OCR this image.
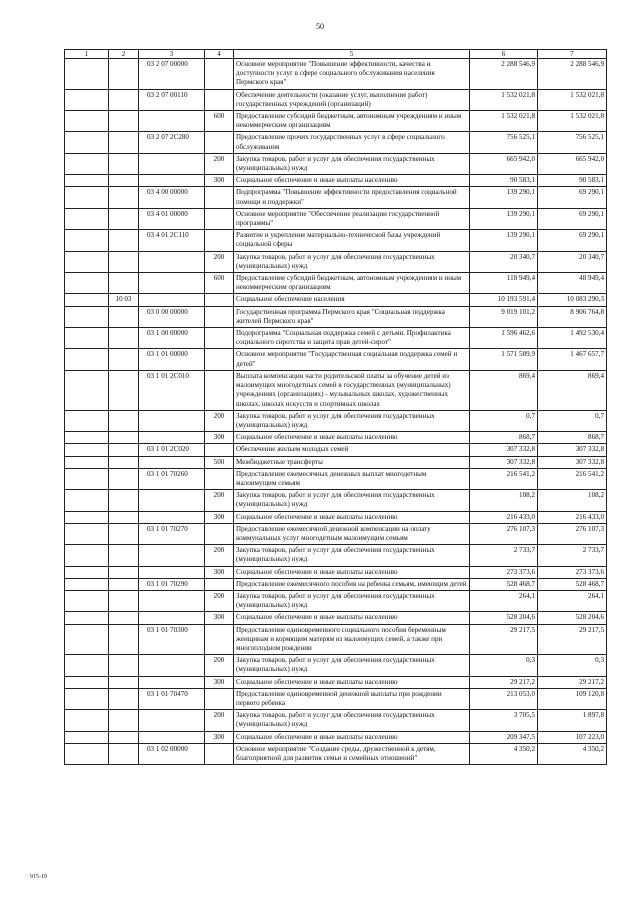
50
1	2	3	4	5	6	7
		03 2 07 00000		Основное мероприятие "Повышение эффективности, качества и доступности услуг в сфере социального обслуживания населения Пермского края"	2 288 546,9	2 288 546,9
		03 2 07 00110		Обеспечение деятельности (оказание услуг, выполнение работ) государственных учреждений (организаций)	1 532 021,8	1 532 021,8
			600	Предоставление субсидий бюджетным, автономным учреждениям и иным некоммерческим организациям	1 532 021,8	1 532 021,8
		03 2 07 2С280		Предоставление прочих государственных услуг в сфере социального обслуживания	756 525,1	756 525,1
			200	Закупка товаров, работ и услуг для обеспечения государственных (муниципальных) нужд	665 942,0	665 942,0
			300	Социальное обеспечение и иные выплаты населению	90 583,1	90 583,1
		03 4 00 00000		Подпрограмма "Повышение эффективности предоставления социальной помощи и поддержки"	139 290,1	69 290,1
		03 4 01 00000		Основное мероприятие "Обеспечение реализации государственной программы"	139 290,1	69 290,1
		03 4 01 2С110		Развитие и укрепление материально-технической базы учреждений социальной сферы	139 290,1	69 290,1
			200	Закупка товаров, работ и услуг для обеспечения государственных (муниципальных) нужд	20 340,7	20 340,7
			600	Предоставление субсидий бюджетным, автономным учреждениям и иным некоммерческим организациям	118 949,4	48 949,4
	10 03			Социальное обеспечение населения	10 193 591,4	10 083 290,3
		03 0 00 00000		Государственная программа Пермского края "Социальная поддержка жителей Пермского края"	9 019 101,2	8 906 764,8
		03 1 00 00000		Подпрограмма "Социальная поддержка семей с детьми. Профилактика социального сиротства и защита прав детей-сирот"	1 596 462,6	1 492 530,4
		03 1 01 00000		Основное мероприятие "Государственная социальная поддержка семей и детей"	1 571 589,9	1 467 657,7
		03 1 01 2С010		Выплата компенсации части родительской платы за обучение детей из малоимущих многодетных семей в государственных (муниципальных) учреждениях (организациях) - музыкальных школах, художественных школах, школах искусств и спортивных школах	869,4	869,4
			200	Закупка товаров, работ и услуг для обеспечения государственных (муниципальных) нужд	0,7	0,7
			300	Социальное обеспечение и иные выплаты населению	868,7	868,7
		03 1 01 2С020		Обеспечение жильем молодых семей	307 332,8	307 332,8
			500	Межбюджетные трансферты	307 332,8	307 332,8
		03 1 01 70260		Предоставление ежемесячных денежных выплат многодетным малоимущим семьям	216 541,2	216 541,2
			200	Закупка товаров, работ и услуг для обеспечения государственных (муниципальных) нужд	108,2	108,2
			300	Социальное обеспечение и иные выплаты населению	216 433,0	216 433,0
		03 1 01 70270		Предоставление ежемесячной денежной компенсации на оплату коммунальных услуг многодетным малоимущим семьям	276 107,3	276 107,3
			200	Закупка товаров, работ и услуг для обеспечения государственных (муниципальных) нужд	2 733,7	2 733,7
			300	Социальное обеспечение и иные выплаты населению	273 373,6	273 373,6
		03 1 01 70290		Предоставление ежемесячного пособия на ребенка семьям, имеющим детей	528 468,7	528 468,7
			200	Закупка товаров, работ и услуг для обеспечения государственных (муниципальных) нужд	264,1	264,1
			300	Социальное обеспечение и иные выплаты населению	528 204,6	528 204,6
		03 1 01 70300		Предоставление единовременного социального пособия беременным женщинам и кормящим матерям из малоимущих семей, а также при многоплодном рождении	29 217,5	29 217,5
			200	Закупка товаров, работ и услуг для обеспечения государственных (муниципальных) нужд	0,3	0,3
			300	Социальное обеспечение и иные выплаты населению	29 217,2	29 217,2
		03 1 01 70470		Предоставление единовременной денежной выплаты при рождении первого ребенка	213 053,0	109 120,8
			200	Закупка товаров, работ и услуг для обеспечения государственных (муниципальных) нужд	3 705,5	1 897,8
			300	Социальное обеспечение и иные выплаты населению	209 347,5	107 223,0
		03 1 02 00000		Основное мероприятие "Создание среды, дружественной к детям, благоприятной для развития семьи и семейных отношений"	4 350,2	4 350,2
915-19
